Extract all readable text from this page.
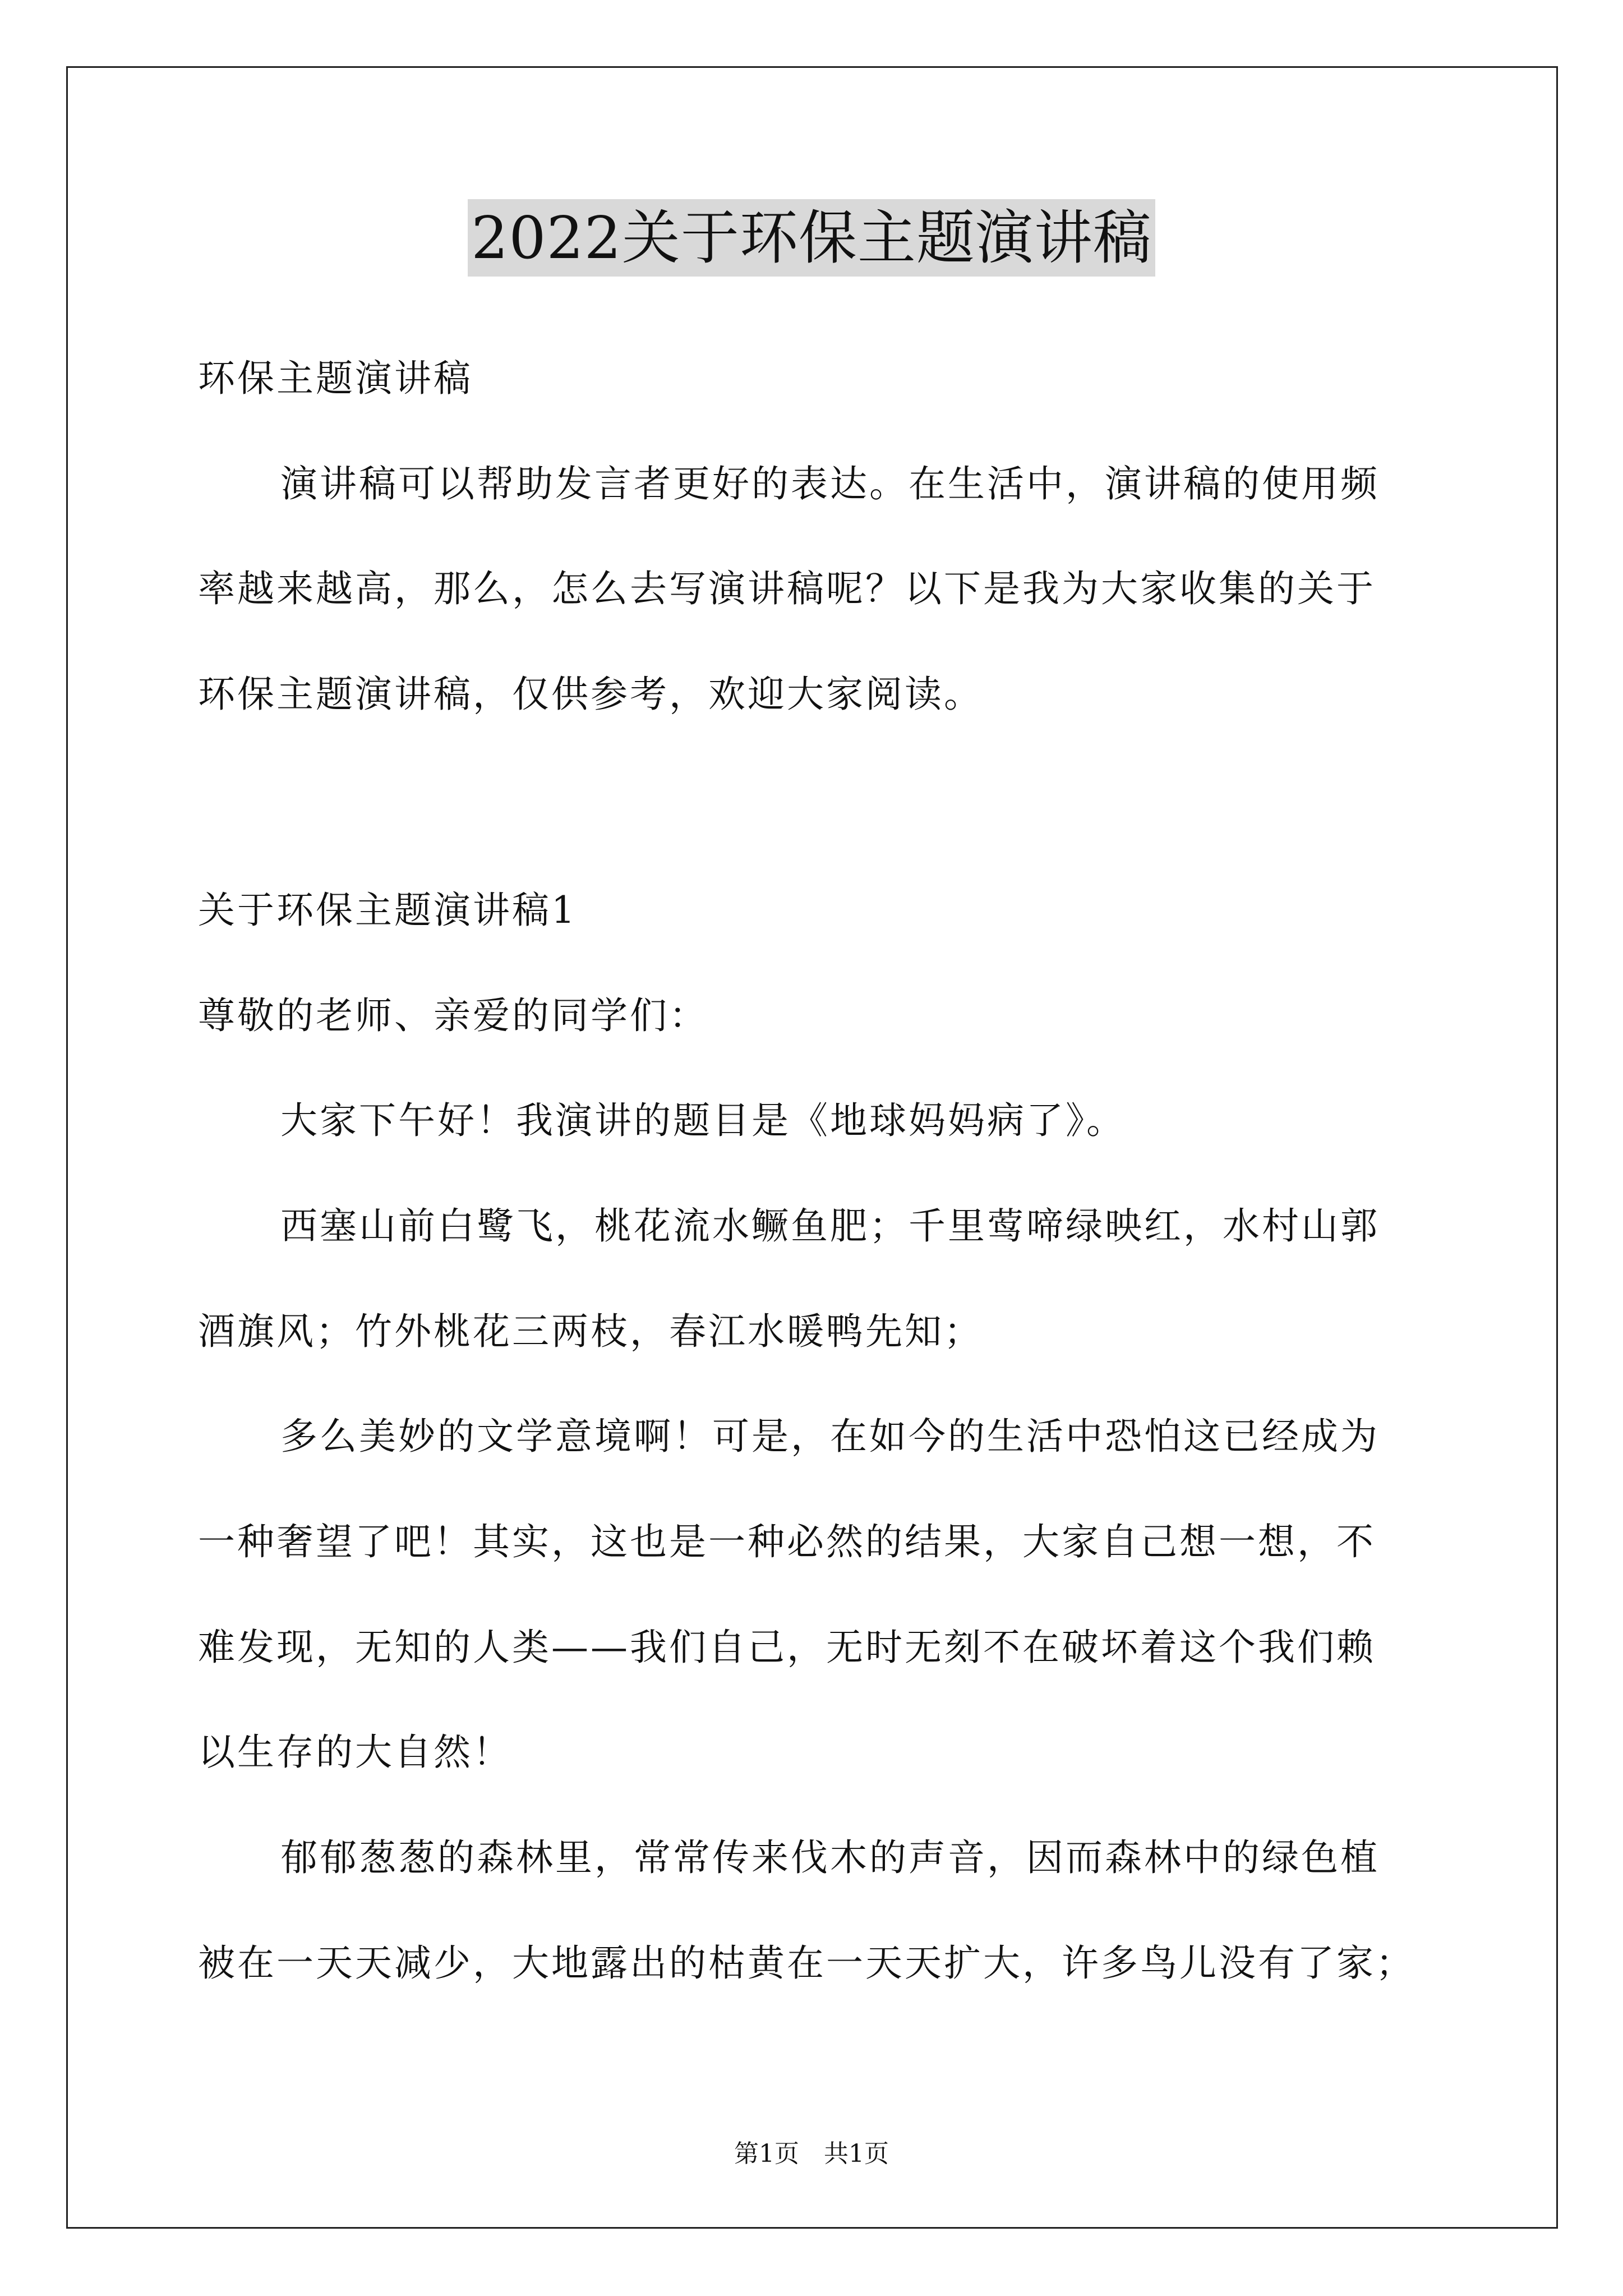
2022关于环保主题演讲稿
环保主题演讲稿
演讲稿可以帮助发言者更好的表达。在生活中，演讲稿的使用频
率越来越高，那么，怎么去写演讲稿呢？以下是我为大家收集的关于
环保主题演讲稿，仅供参考，欢迎大家阅读。
关于环保主题演讲稿1
尊敬的老师、亲爱的同学们：
大家下午好！我演讲的题目是《地球妈妈病了》。
西塞山前白鹭飞，桃花流水鳜鱼肥；千里莺啼绿映红，水村山郭
酒旗风；竹外桃花三两枝，春江水暖鸭先知；
多么美妙的文学意境啊！可是，在如今的生活中恐怕这已经成为
一种奢望了吧！其实，这也是一种必然的结果，大家自己想一想，不
难发现，无知的人类——我们自己，无时无刻不在破坏着这个我们赖
以生存的大自然！
郁郁葱葱的森林里，常常传来伐木的声音，因而森林中的绿色植
被在一天天减少，大地露出的枯黄在一天天扩大，许多鸟儿没有了家；
第1页　共1页
